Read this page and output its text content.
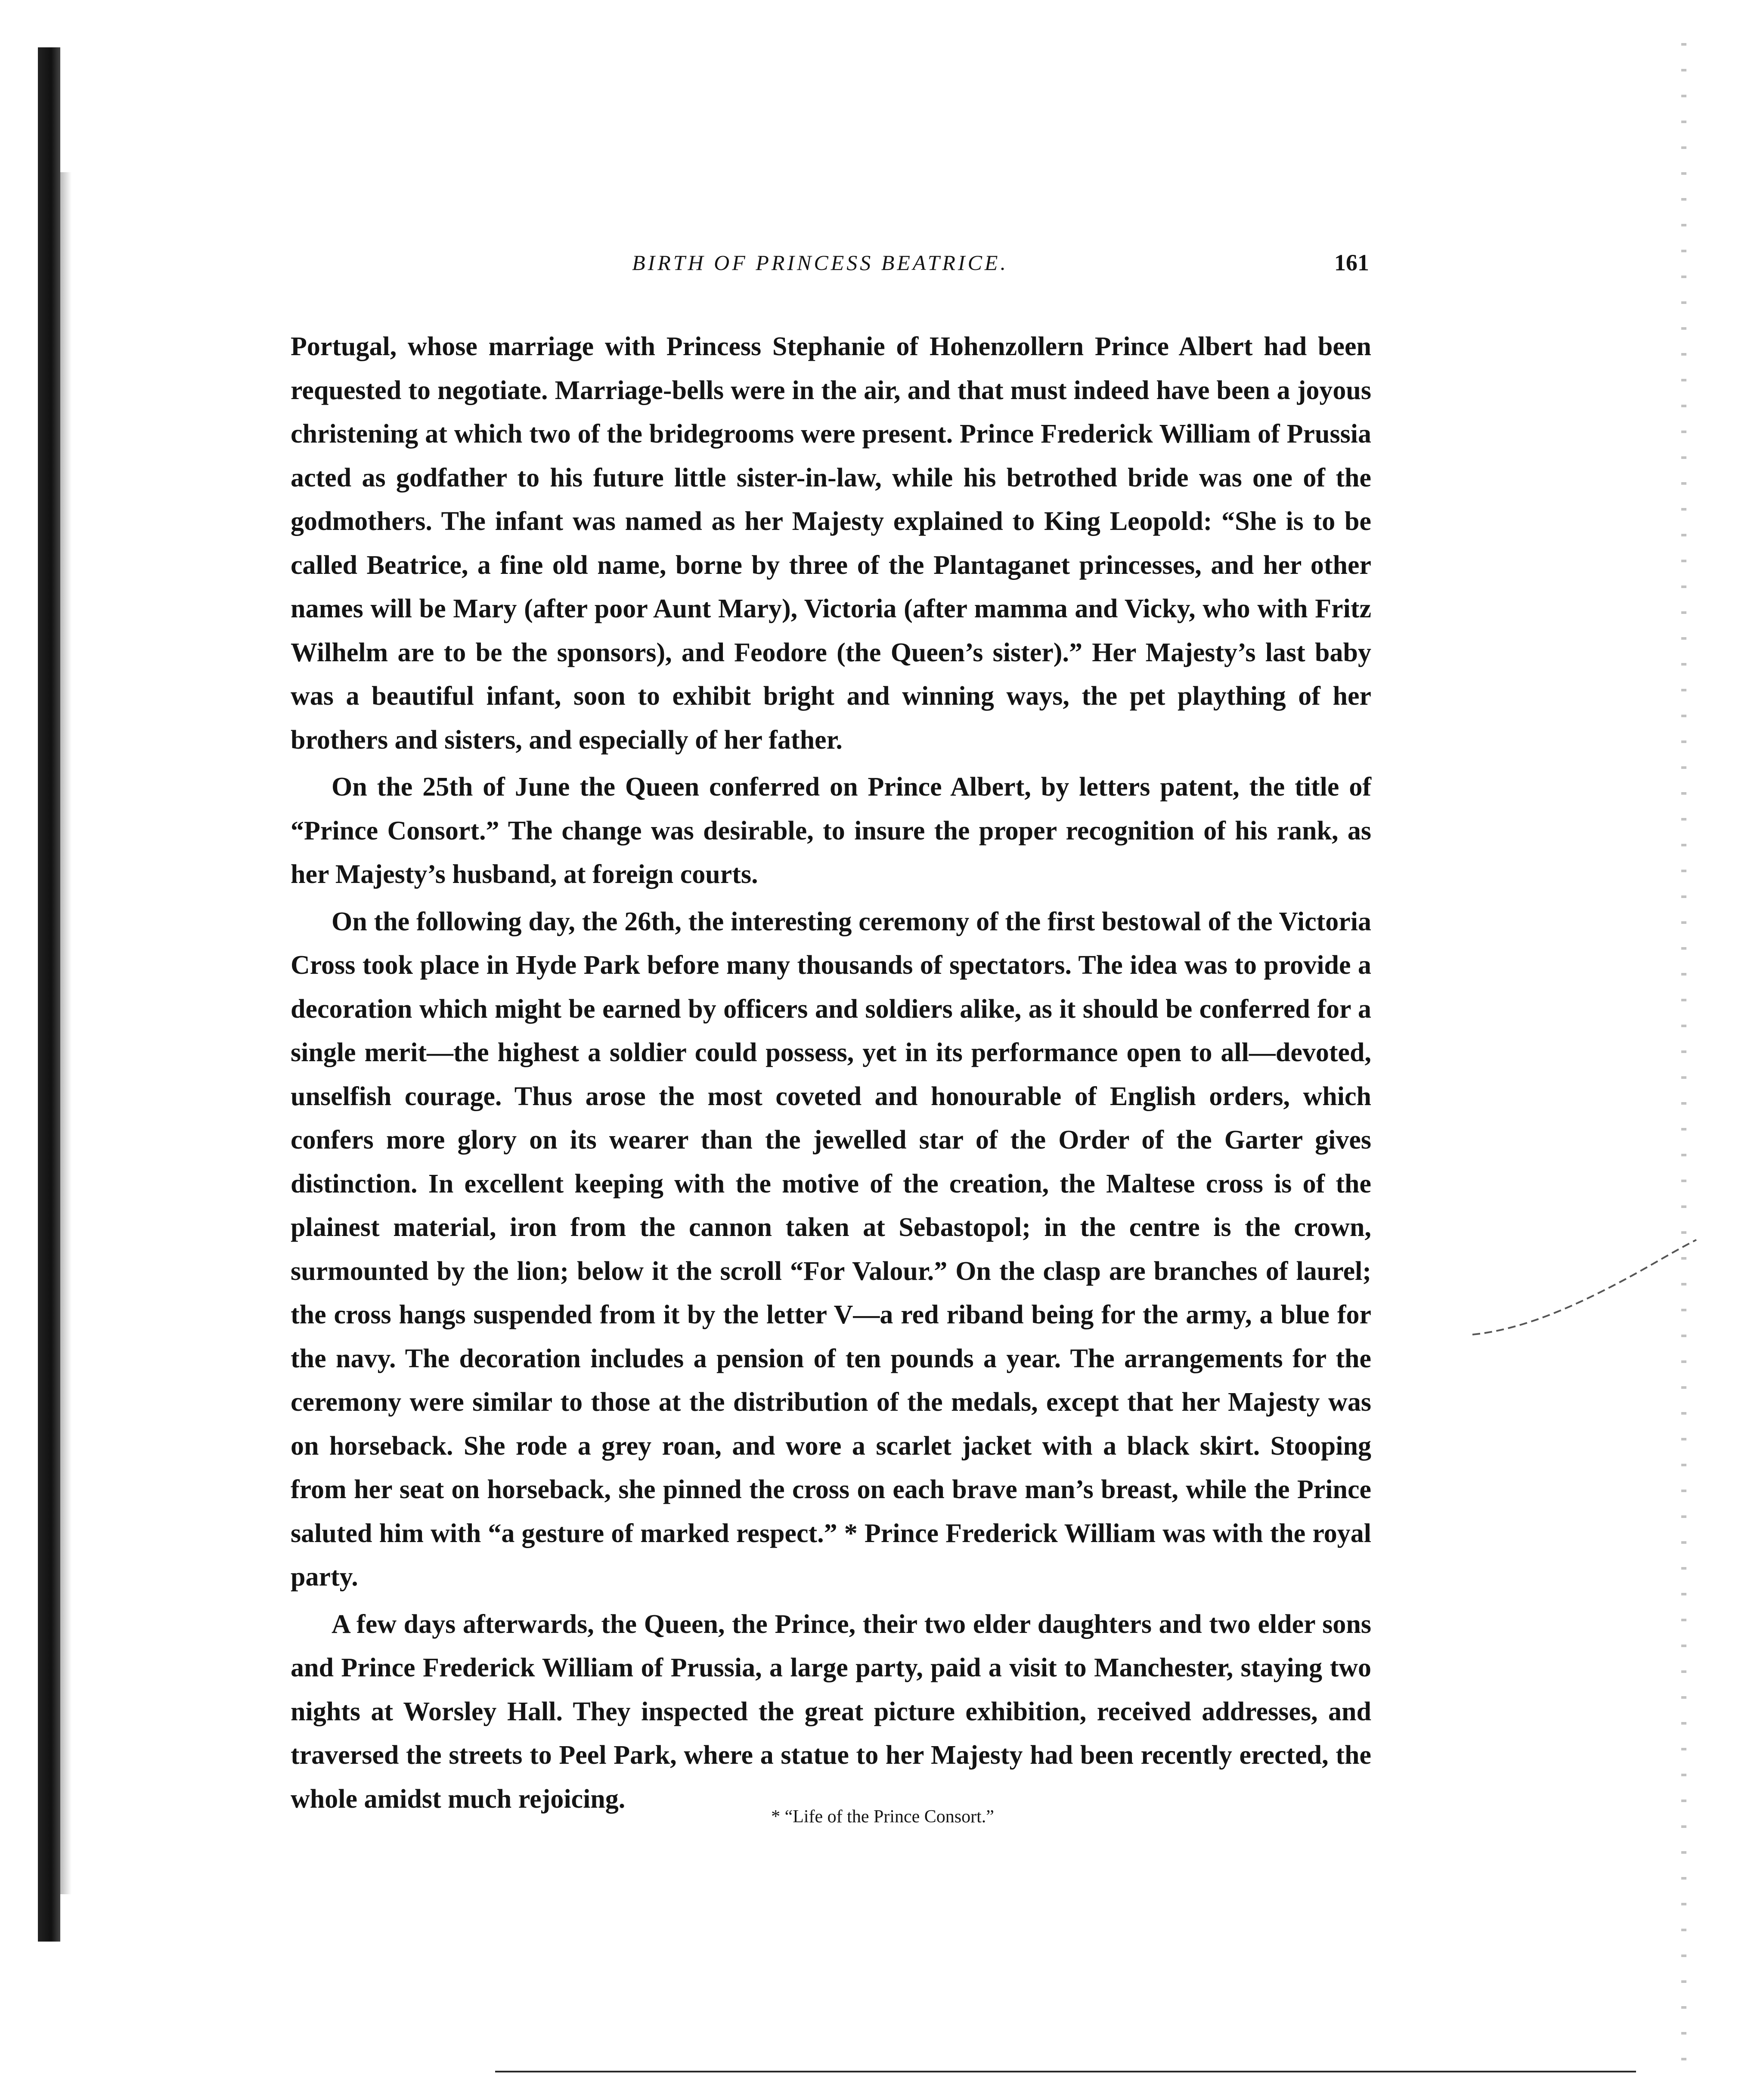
BIRTH OF PRINCESS BEATRICE.	161

Portugal, whose marriage with Princess Stephanie of Hohenzollern Prince Albert had been requested to negotiate. Marriage-bells were in the air, and that must indeed have been a joyous christening at which two of the bridegrooms were present. Prince Frederick William of Prussia acted as godfather to his future little sister-in-law, while his betrothed bride was one of the godmothers. The infant was named as her Majesty explained to King Leopold: “She is to be called Beatrice, a fine old name, borne by three of the Plantaganet princesses, and her other names will be Mary (after poor Aunt Mary), Victoria (after mamma and Vicky, who with Fritz Wilhelm are to be the sponsors), and Feodore (the Queen’s sister).” Her Majesty’s last baby was a beautiful infant, soon to exhibit bright and winning ways, the pet plaything of her brothers and sisters, and especially of her father.

On the 25th of June the Queen conferred on Prince Albert, by letters patent, the title of “Prince Consort.” The change was desirable, to insure the proper recognition of his rank, as her Majesty’s husband, at foreign courts.

On the following day, the 26th, the interesting ceremony of the first bestowal of the Victoria Cross took place in Hyde Park before many thousands of spectators. The idea was to provide a decoration which might be earned by officers and soldiers alike, as it should be conferred for a single merit—the highest a soldier could possess, yet in its performance open to all—devoted, unselfish courage. Thus arose the most coveted and honourable of English orders, which confers more glory on its wearer than the jewelled star of the Order of the Garter gives distinction. In excellent keeping with the motive of the creation, the Maltese cross is of the plainest material, iron from the cannon taken at Sebastopol; in the centre is the crown, surmounted by the lion; below it the scroll “For Valour.” On the clasp are branches of laurel; the cross hangs suspended from it by the letter V—a red riband being for the army, a blue for the navy. The decoration includes a pension of ten pounds a year. The arrangements for the ceremony were similar to those at the distribution of the medals, except that her Majesty was on horseback. She rode a grey roan, and wore a scarlet jacket with a black skirt. Stooping from her seat on horseback, she pinned the cross on each brave man’s breast, while the Prince saluted him with “a gesture of marked respect.” * Prince Frederick William was with the royal party.

A few days afterwards, the Queen, the Prince, their two elder daughters and two elder sons and Prince Frederick William of Prussia, a large party, paid a visit to Manchester, staying two nights at Worsley Hall. They inspected the great picture exhibition, received addresses, and traversed the streets to Peel Park, where a statue to her Majesty had been recently erected, the whole amidst much rejoicing.

* “Life of the Prince Consort.”
